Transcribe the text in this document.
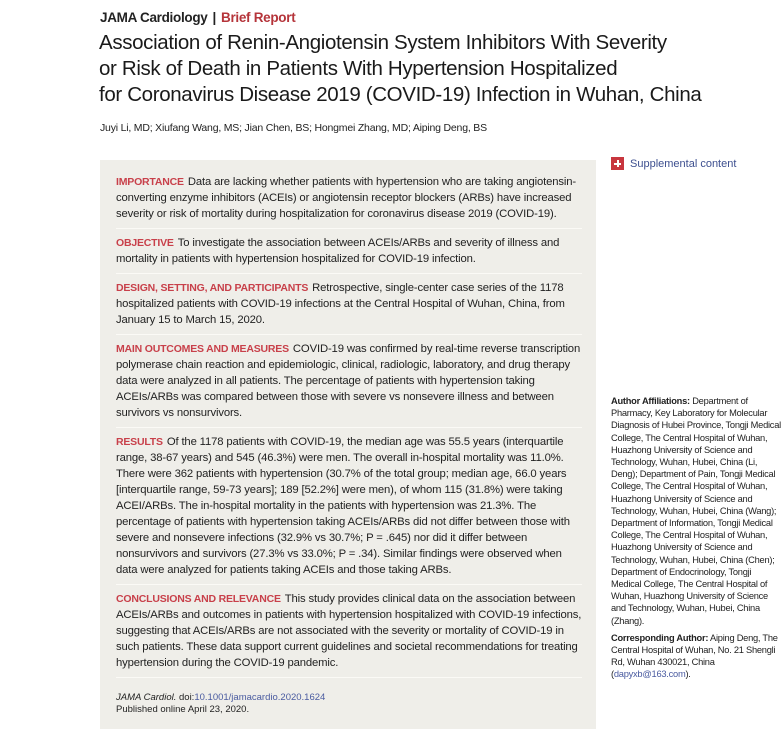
JAMA Cardiology | Brief Report
Association of Renin-Angiotensin System Inhibitors With Severity
or Risk of Death in Patients With Hypertension Hospitalized
for Coronavirus Disease 2019 (COVID-19) Infection in Wuhan, China
Juyi Li, MD; Xiufang Wang, MS; Jian Chen, BS; Hongmei Zhang, MD; Aiping Deng, BS
IMPORTANCE Data are lacking whether patients with hypertension who are taking angiotensin-converting enzyme inhibitors (ACEIs) or angiotensin receptor blockers (ARBs) have increased severity or risk of mortality during hospitalization for coronavirus disease 2019 (COVID-19).
OBJECTIVE To investigate the association between ACEIs/ARBs and severity of illness and mortality in patients with hypertension hospitalized for COVID-19 infection.
DESIGN, SETTING, AND PARTICIPANTS Retrospective, single-center case series of the 1178 hospitalized patients with COVID-19 infections at the Central Hospital of Wuhan, China, from January 15 to March 15, 2020.
MAIN OUTCOMES AND MEASURES COVID-19 was confirmed by real-time reverse transcription polymerase chain reaction and epidemiologic, clinical, radiologic, laboratory, and drug therapy data were analyzed in all patients. The percentage of patients with hypertension taking ACEIs/ARBs was compared between those with severe vs nonsevere illness and between survivors vs nonsurvivors.
RESULTS Of the 1178 patients with COVID-19, the median age was 55.5 years (interquartile range, 38-67 years) and 545 (46.3%) were men. The overall in-hospital mortality was 11.0%. There were 362 patients with hypertension (30.7% of the total group; median age, 66.0 years [interquartile range, 59-73 years]; 189 [52.2%] were men), of whom 115 (31.8%) were taking ACEI/ARBs. The in-hospital mortality in the patients with hypertension was 21.3%. The percentage of patients with hypertension taking ACEIs/ARBs did not differ between those with severe and nonsevere infections (32.9% vs 30.7%; P = .645) nor did it differ between nonsurvivors and survivors (27.3% vs 33.0%; P = .34). Similar findings were observed when data were analyzed for patients taking ACEIs and those taking ARBs.
CONCLUSIONS AND RELEVANCE This study provides clinical data on the association between ACEIs/ARBs and outcomes in patients with hypertension hospitalized with COVID-19 infections, suggesting that ACEIs/ARBs are not associated with the severity or mortality of COVID-19 in such patients. These data support current guidelines and societal recommendations for treating hypertension during the COVID-19 pandemic.
JAMA Cardiol. doi:10.1001/jamacardio.2020.1624
Published online April 23, 2020.
Supplemental content
Author Affiliations: Department of Pharmacy, Key Laboratory for Molecular Diagnosis of Hubei Province, Tongji Medical College, The Central Hospital of Wuhan, Huazhong University of Science and Technology, Wuhan, Hubei, China (Li, Deng); Department of Pain, Tongji Medical College, The Central Hospital of Wuhan, Huazhong University of Science and Technology, Wuhan, Hubei, China (Wang); Department of Information, Tongji Medical College, The Central Hospital of Wuhan, Huazhong University of Science and Technology, Wuhan, Hubei, China (Chen); Department of Endocrinology, Tongji Medical College, The Central Hospital of Wuhan, Huazhong University of Science and Technology, Wuhan, Hubei, China (Zhang).
Corresponding Author: Aiping Deng, The Central Hospital of Wuhan, No. 21 Shengli Rd, Wuhan 430021, China (dapyxb@163.com).
